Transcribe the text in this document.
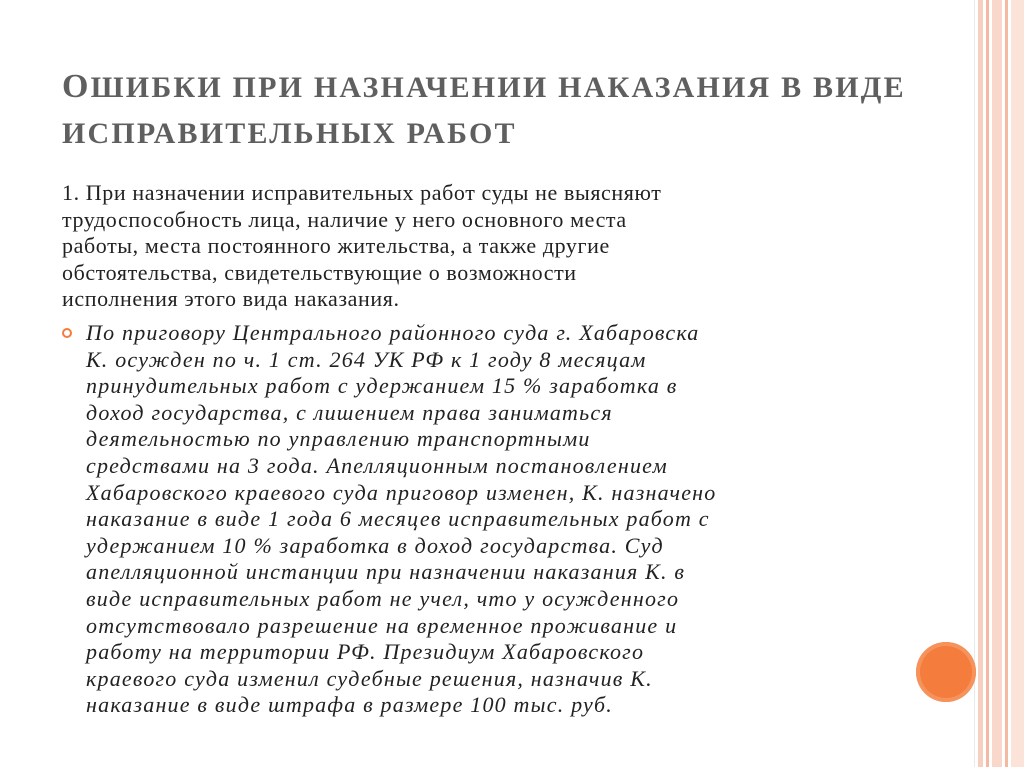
ОШИБКИ ПРИ НАЗНАЧЕНИИ НАКАЗАНИЯ В ВИДЕ ИСПРАВИТЕЛЬНЫХ РАБОТ

1. При назначении исправительных работ суды не выясняют
трудоспособность лица, наличие у него основного места
работы, места постоянного жительства, а также другие
обстоятельства, свидетельствующие о возможности
исполнения этого вида наказания.

По приговору Центрального районного суда г. Хабаровска
К. осужден по ч. 1 ст. 264 УК РФ к 1 году 8 месяцам
принудительных работ с удержанием 15 % заработка в
доход государства, с лишением права заниматься
деятельностью по управлению транспортными
средствами на 3 года. Апелляционным постановлением
Хабаровского краевого суда приговор изменен, К. назначено
наказание в виде 1 года 6 месяцев исправительных работ с
удержанием 10 % заработка в доход государства. Суд
апелляционной инстанции при назначении наказания К. в
виде исправительных работ не учел, что у осужденного
отсутствовало разрешение на временное проживание и
работу на территории РФ. Президиум Хабаровского
краевого суда изменил судебные решения, назначив К.
наказание в виде штрафа в размере 100 тыс. руб.
